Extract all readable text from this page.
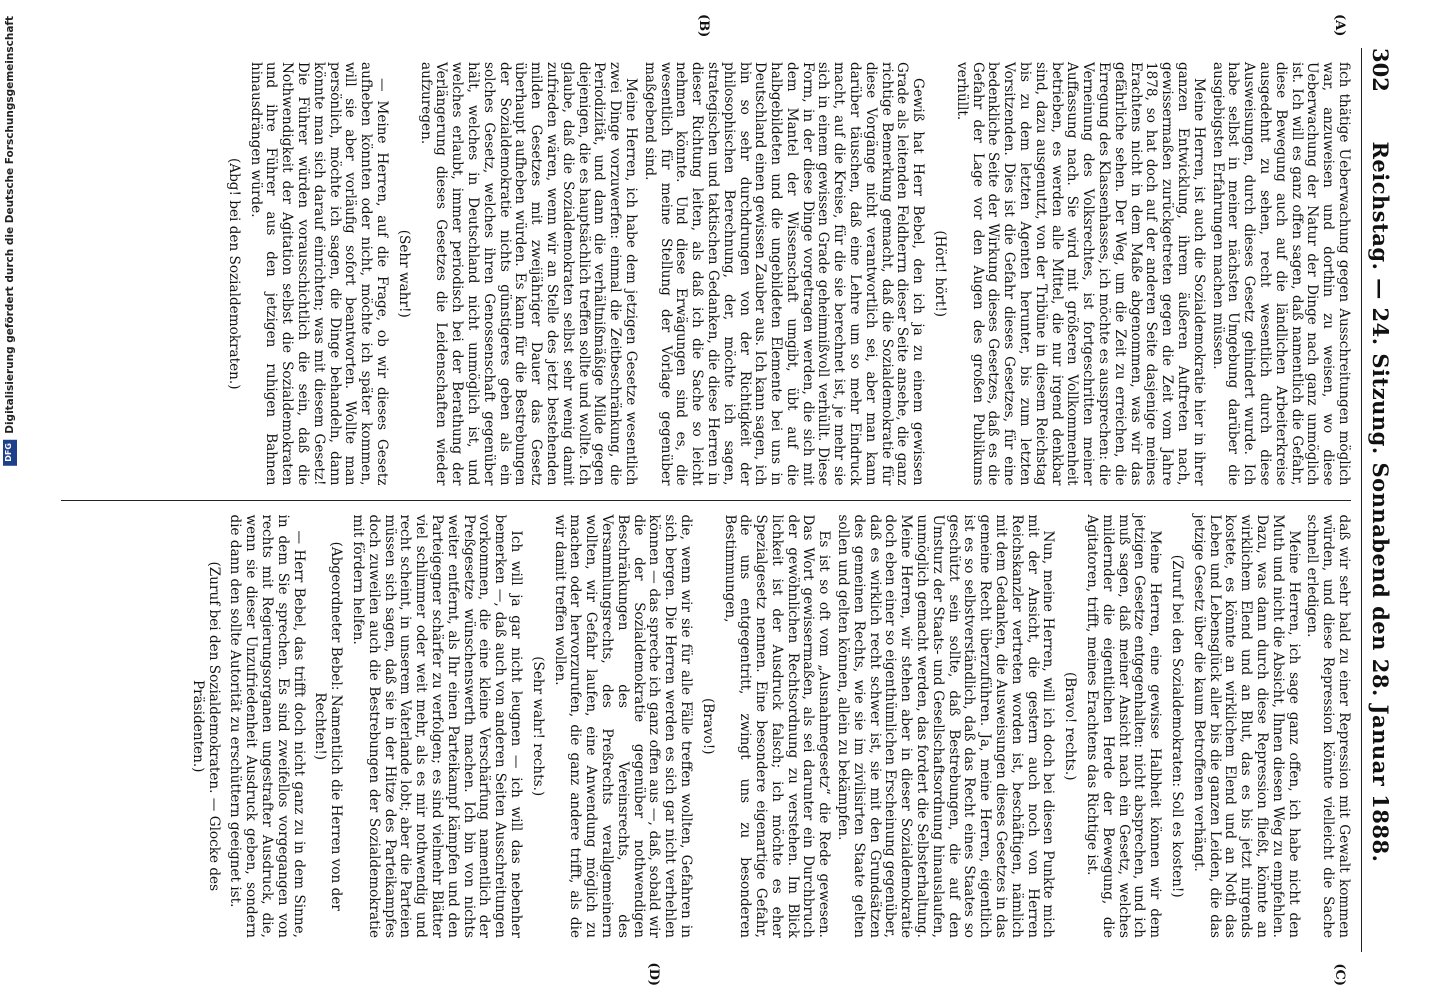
DFG
Digitalisierung gefördert durch die Deutsche Forschungsgemeinschaft	302
Reichstag. — 24. Sitzung. Sonnabend den 28. Januar 1888.
(A)
(B)

fich thätige Ueberwachung gegen Ausschreitungen möglich war, anzuweisen und dorthin zu weisen, wo diese Ueberwachung der Natur der Dinge nach ganz unmöglich ist. Ich will es ganz offen sagen, daß namentlich die Gefahr, diese Bewegung auch auf die ländlichen Arbeiterkreise ausgedehnt zu sehen, recht wesentlich durch diese Ausweisungen, durch dieses Gesetz gehindert wurde. Ich habe selbst in meiner nächsten Umgebung darüber die ausgiebigsten Erfahrungen machen müssen.

Meine Herren, ist auch die Sozialdemokratie hier in ihrer ganzen Entwicklung, ihrem äußeren Auftreten nach, gewissermaßen zurückgetreten gegen die Zeit vom Jahre 1878, so hat doch auf der anderen Seite dasjenige meines Erachtens nicht in dem Maße abgenommen, was wir das gefährliche sehen. Der Weg, um die Zeit zu erreichen, die Erregung des Klassenhasses, ich möchte es aussprechen: die Verneinung des Volksrechtes, ist fortgeschritten meiner Auffassung nach. Sie wird mit größeren Vollkommenheit betrieben, es werden alle Mittel, die nur irgend denkbar sind, dazu ausgenutzt, von der Tribüne in diesem Reichstag bis zu dem letzten Agenten herunter, bis zum letzten Vorsitzenden. Dies ist die Gefahr dieses Gesetzes, für eine bedenkliche Seite der Wirkung dieses Gesetzes, daß es die Gefahr der Lage vor den Augen des großen Publikums verhüllt.

(Hört! hört!)

Gewiß hat Herr Bebel, den ich ja zu einem gewissen Grade als leitenden Feldherrn dieser Seite ansehe, die ganz richtige Bemerkung gemacht, daß die Sozialdemokratie für diese Vorgänge nicht verantwortlich sei, aber man kann darüber täuschen, daß eine Lehre um so mehr Eindruck macht, auf die Kreise, für die sie berechnet ist, je mehr sie sich in einem gewissen Grade geheimnißvoll verhüllt. Diese Form, in der diese Dinge vorgetragen werden, die sich mit dem Mantel der Wissenschaft umgibt, übt auf die halbgebildeten und die ungebildeten Elemente bei uns in Deutschland einen gewissen Zauber aus. Ich kann sagen, ich bin so sehr durchdrungen von der Richtigkeit der philosophischen Berechnung, der, möchte ich sagen, strategischen und taktischen Gedanken, die diese Herren in dieser Richtung leiten, als daß ich die Sache so leicht nehmen könnte. Und diese Erwägungen sind es, die wesentlich für meine Stellung der Vorlage gegenüber maßgebend sind.

Meine Herren, ich habe dem jetzigen Gesetze wesentlich zwei Dinge vorzuwerfen: einmal die Zeitbeschränkung, die Periodizität, und dann die verhältnißmäßige Milde gegen diejenigen, die es hauptsächlich treffen sollte und wollte. Ich glaube, daß die Sozialdemokraten selbst sehr wenig damit zufrieden wären, wenn wir an Stelle des jetzt bestehenden milden Gesetzes mit zweijähriger Dauer das Gesetz überhaupt aufheben würden. Es kann für die Bestrebungen der Sozialdemokratie nichts günstigeres geben als ein solches Gesetz, welches ihren Genossenschaft gegenüber hält, welches in Deutschland nicht unmöglich ist, und welches erlaubt, immer periodisch bei der Berathung der Verlängerung dieses Gesetzes die Leidenschaften wieder aufzuregen.

(Sehr wahr!)

— Meine Herren, auf die Frage, ob wir dieses Gesetz aufheben könnten oder nicht, möchte ich später kommen, will sie aber vorläufig sofort beantworten. Wollte man persönlich, möchte ich sagen, die Dinge behandeln, dann könnte man sich darauf einrichten; was mit diesem Gesetz! Die Führer würden vorausschichtlich die sein, daß die Nothwendigkeit der Agitation selbst die Sozialdemokraten und ihre Führer aus den jetzigen ruhigen Bahnen hinausdrängen würde.

(Abg! bei den Sozialdemokraten.)

(C)
(D)

daß wir sehr bald zu einer Repression mit Gewalt kommen würden, und diese Repression könnte vielleicht die Sache schnell erledigen.

Meine Herren, ich sage ganz offen, ich habe nicht den Muth und nicht die Absicht, Ihnen diesen Weg zu empfehlen. Dazu, was dann durch diese Repression fließt, könnte an wirklichem Elend und an Blut, das es bis jetzt nirgends kostete, es könnte an wirklichem Elend und an Noth das Leben und Lebensglück aller bis die ganzen Leiden, die das jetzige Gesetz über die kaum Betroffenen verhängt.

(Zuruf bei den Sozialdemokraten: Soll es kosten!)

Meine Herren, eine gewisse Halbheit können wir dem jetzigen Gesetze entgegenhalten: nicht absprechen, und ich muß sagen, daß meiner Ansicht nach ein Gesetz, welches mildernder die eigentlichen Herde der Bewegung, die Agitatoren, trifft, meines Erachtens das Richtige ist.

(Bravo! rechts.)

Nun, meine Herren, will ich doch bei diesen Punkte mich mit der Ansicht, die gestern auch noch von Herren Reichskanzler vertreten worden ist, beschäftigen, nämlich mit dem Gedanken, die Ausweisungen dieses Gesetzes in das gemeine Recht überzuführen. Ja, meine Herren, eigentlich ist es so selbstverständlich, daß das Recht eines Staates so geschützt sein sollte, daß Bestrebungen, die auf den Umsturz der Staats- und Gesellschaftsordnung hinauslaufen, unmöglich gemacht werden, das fordert die Selbsterhaltung. Meine Herren, wir stehen aber in dieser Sozialdemokratie doch eben einer so eigenthümlichen Erscheinung gegenüber, daß es wirklich recht schwer ist, sie mit den Grundsätzen des gemeinen Rechts, wie sie im zivilisirten Staate gelten sollen und gelten können, allein zu bekämpfen.

Es ist so oft vom „Ausnahmegesetz“ die Rede gewesen. Das Wort gewissermaßen, als sei darunter ein Durchbruch der gewöhnlichen Rechtsordnung zu verstehen. Im Blick lichkeit ist der Ausdruck falsch; ich möchte es eher Spezialgesetz nennen. Eine besondere eigenartige Gefahr, die uns entgegentritt, zwingt uns zu besonderen Bestimmungen,

(Bravo!)

die, wenn wir sie für alle Fälle treffen wollten, Gefahren in sich bergen. Die Herren werden es sich gar nicht verhehlen können — das spreche ich ganz offen aus —, daß, sobald wir die der Sozialdemokratie gegenüber nothwendigen Beschränkungen des Vereinsrechts, des Versammlungsrechts, des Preßrechts verallgemeinern wollten, wir Gefahr laufen, eine Anwendung möglich zu machen oder hervorzurufen, die ganz andere trifft, als die wir damit treffen wollen.

(Sehr wahr! rechts.)

Ich will ja gar nicht leugnen — ich will das nebenher bemerken —, daß auch von anderen Seiten Ausschreitungen vorkommen, die eine kleine Verschärfung namentlich der Preßgesetze wünschenswerth machen. Ich bin von nichts weiter entfernt, als Ihr einen Parteikampf kämpfen und den Parteigegner schärfer zu verfolgen; es sind vielmehr Blätter viel schlimmer oder weit mehr, als es mir nothwendig und recht scheint, in unserem Vaterlande lobt; aber die Parteien müssen sich sagen, daß sie in der Hitze des Parteikampfes doch zuweilen auch die Bestrebungen der Sozialdemokratie mit fördern helfen.

(Abgeordneter Bebel: Namentlich die Herren von der Rechten!)

— Herr Bebel, das trifft doch nicht ganz zu in dem Sinne, in dem Sie sprechen. Es sind zweifellos vorgegangen von rechts mit Regierungsorganen ungestrafter Ausdruck, die, wenn sie dieser Unzufriedenheit Ausdruck geben, sondern die dann den sollte Autorität zu erschüttern geeignet ist.

(Zuruf bei den Sozialdemokraten. — Glocke des Präsidenten.)
